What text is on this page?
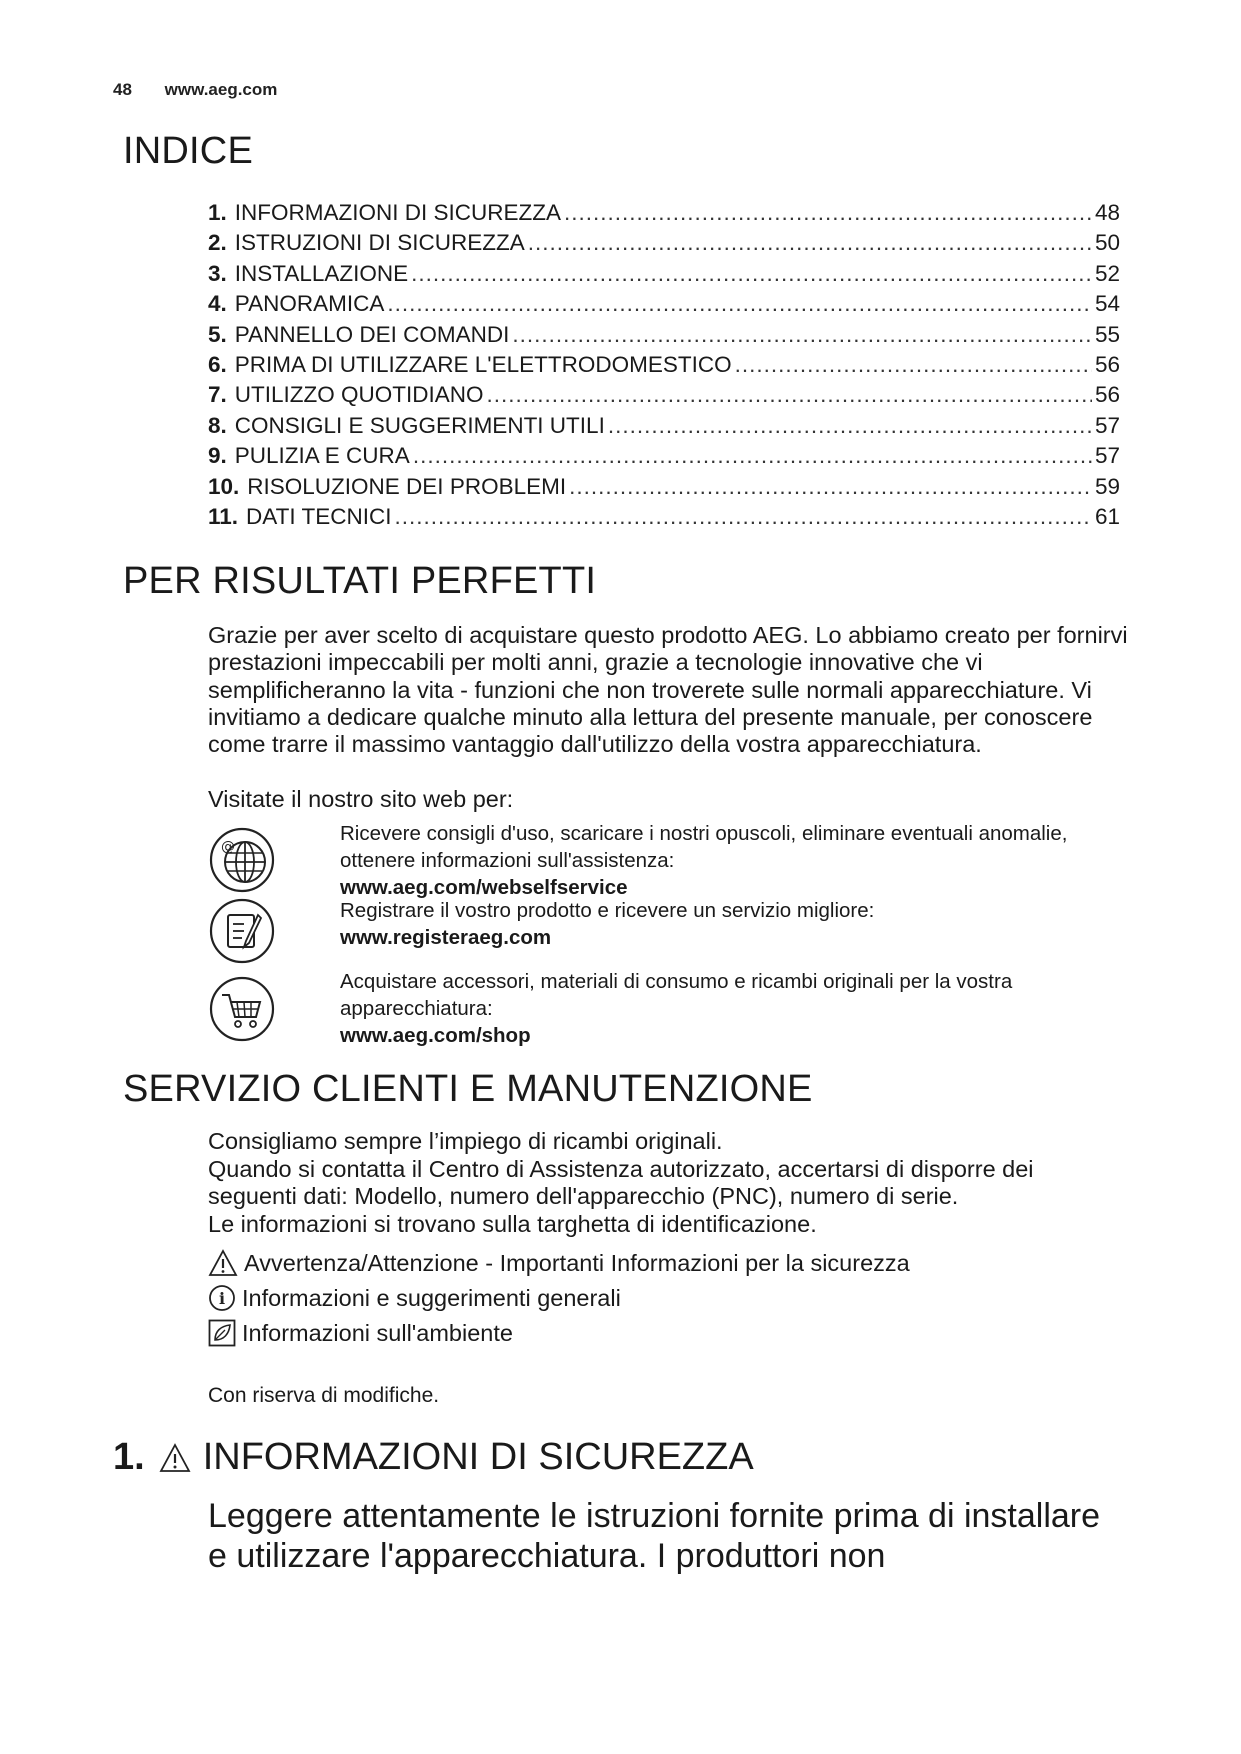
48 www.aeg.com
INDICE
1. INFORMAZIONI DI SICUREZZA .....	48
2. ISTRUZIONI DI SICUREZZA .....	50
3. INSTALLAZIONE .....	52
4. PANORAMICA .....	54
5. PANNELLO DEI COMANDI .....	55
6. PRIMA DI UTILIZZARE L'ELETTRODOMESTICO .....	56
7. UTILIZZO QUOTIDIANO .....	56
8. CONSIGLI E SUGGERIMENTI UTILI .....	57
9. PULIZIA E CURA .....	57
10. RISOLUZIONE DEI PROBLEMI .....	59
11. DATI TECNICI .....	61
PER RISULTATI PERFETTI

Grazie per aver scelto di acquistare questo prodotto AEG. Lo abbiamo creato per fornirvi prestazioni impeccabili per molti anni, grazie a tecnologie innovative che vi semplificheranno la vita - funzioni che non troverete sulle normali apparecchiature. Vi invitiamo a dedicare qualche minuto alla lettura del presente manuale, per conoscere come trarre il massimo vantaggio dall'utilizzo della vostra apparecchiatura.

Visitate il nostro sito web per:

@
Ricevere consigli d'uso, scaricare i nostri opuscoli, eliminare eventuali anomalie, ottenere informazioni sull'assistenza:
www.aeg.com/webselfservice
Registrare il vostro prodotto e ricevere un servizio migliore:
www.registeraeg.com
Acquistare accessori, materiali di consumo e ricambi originali per la vostra apparecchiatura:
www.aeg.com/shop
SERVIZIO CLIENTI E MANUTENZIONE

Consigliamo sempre l’impiego di ricambi originali.

Quando si contatta il Centro di Assistenza autorizzato, accertarsi di disporre dei seguenti dati: Modello, numero dell'apparecchio (PNC), numero di serie.

Le informazioni si trovano sulla targhetta di identificazione.

Avvertenza/Attenzione - Importanti Informazioni per la sicurezza
i Informazioni e suggerimenti generali
Informazioni sull'ambiente

Con riserva di modifiche.

1. INFORMAZIONI DI SICUREZZA

Leggere attentamente le istruzioni fornite prima di installare e utilizzare l'apparecchiatura. I produttori non
